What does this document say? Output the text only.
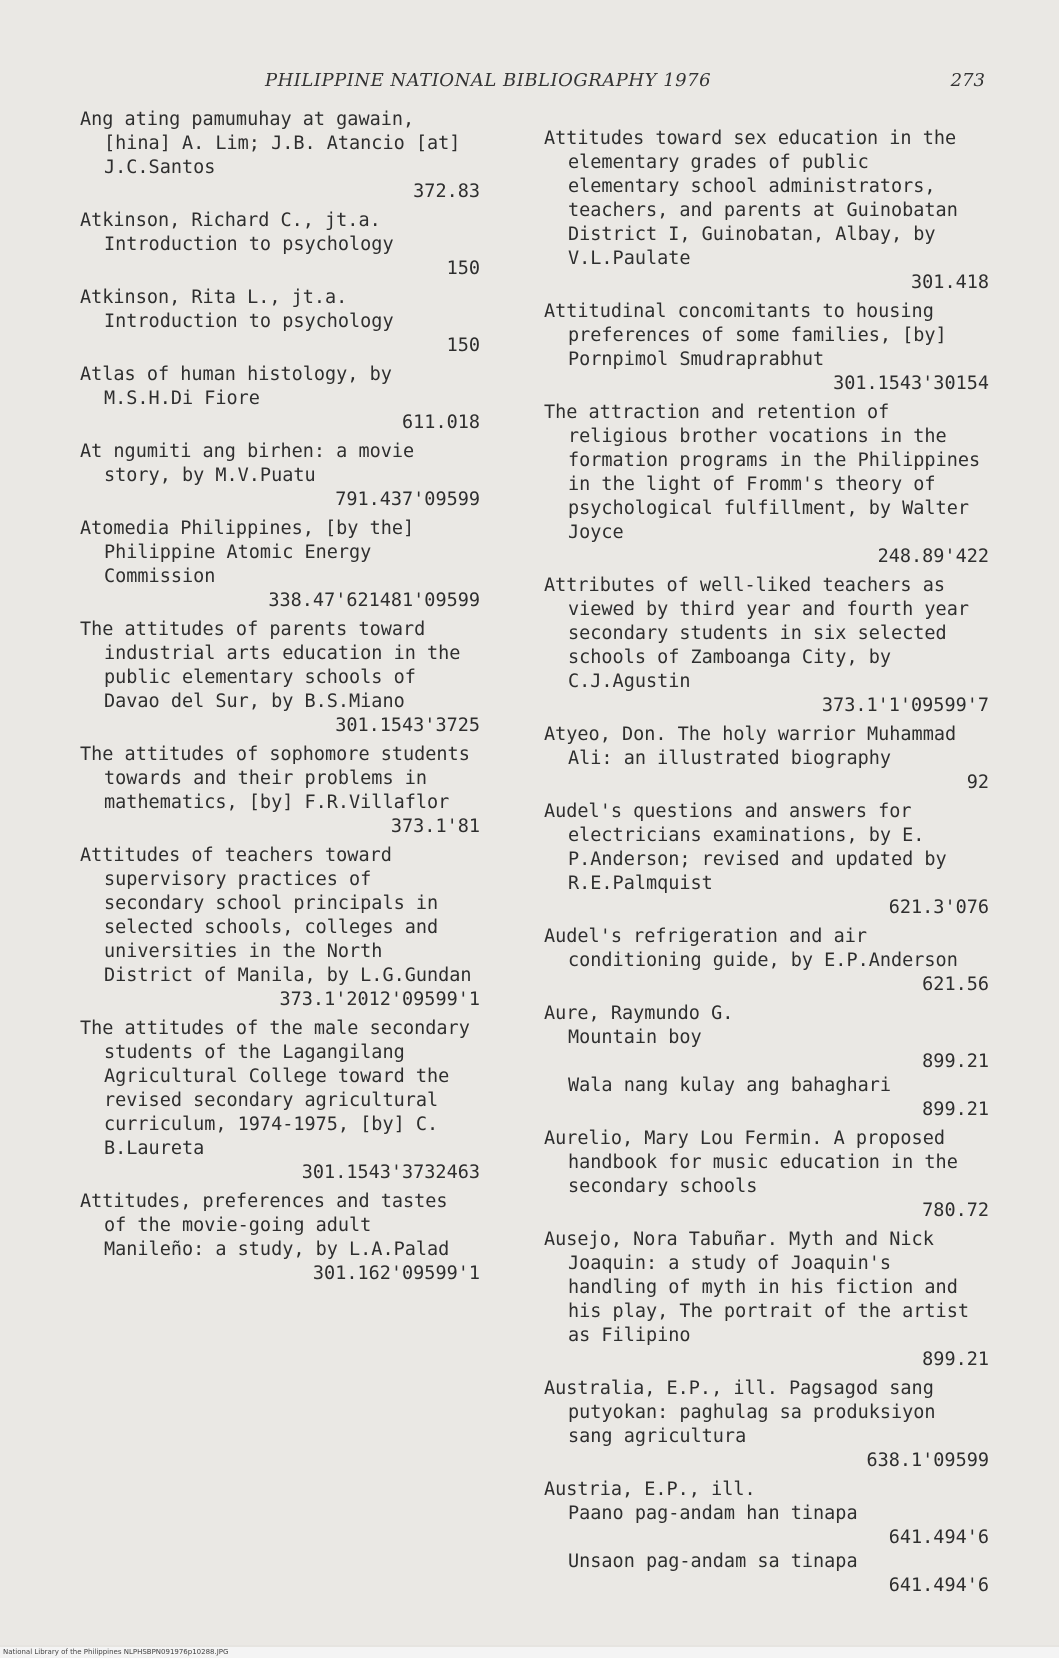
PHILIPPINE NATIONAL BIBLIOGRAPHY 1976	273
Ang ating pamumuhay at gawain, [hina] A. Lim; J.B. Atancio [at] J.C.Santos
372.83
Atkinson, Richard C., jt.a. Introduction to psychology
150
Atkinson, Rita L., jt.a. Introduction to psychology
150
Atlas of human histology, by M.S.H.Di Fiore
611.018
At ngumiti ang birhen: a movie story, by M.V.Puatu
791.437'09599
Atomedia Philippines, [by the] Philippine Atomic Energy Commission
338.47'621481'09599
The attitudes of parents toward industrial arts education in the public elementary schools of Davao del Sur, by B.S.Miano
301.1543'3725
The attitudes of sophomore students towards and their problems in mathematics, [by] F.R.Villaflor
373.1'81
Attitudes of teachers toward supervisory practices of secondary school principals in selected schools, colleges and universities in the North District of Manila, by L.G.Gundan
373.1'2012'09599'1
The attitudes of the male secondary students of the Lagangilang Agricultural College toward the revised secondary agricultural curriculum, 1974-1975, [by] C. B.Laureta
301.1543'3732463
Attitudes, preferences and tastes of the movie-going adult Manileño: a study, by L.A.Palad
301.162'09599'1
Attitudes toward sex education in the elementary grades of public elementary school administrators, teachers, and parents at Guinobatan District I, Guinobatan, Albay, by V.L.Paulate
301.418
Attitudinal concomitants to housing preferences of some families, [by] Pornpimol Smudraprabhut
301.1543'30154
The attraction and retention of religious brother vocations in the formation programs in the Philippines in the light of Fromm's theory of psychological fulfillment, by Walter Joyce
248.89'422
Attributes of well-liked teachers as viewed by third year and fourth year secondary students in six selected schools of Zamboanga City, by C.J.Agustin
373.1'1'09599'7
Atyeo, Don. The holy warrior Muhammad Ali: an illustrated biography
92
Audel's questions and answers for electricians examinations, by E. P.Anderson; revised and updated by R.E.Palmquist
621.3'076
Audel's refrigeration and air conditioning guide, by E.P.Anderson
621.56
Aure, Raymundo G.
Mountain boy
899.21
Wala nang kulay ang bahaghari
899.21
Aurelio, Mary Lou Fermin. A proposed handbook for music education in the secondary schools
780.72
Ausejo, Nora Tabuñar. Myth and Nick Joaquin: a study of Joaquin's handling of myth in his fiction and his play, The portrait of the artist as Filipino
899.21
Australia, E.P., ill. Pagsagod sang putyokan: paghulag sa produksiyon sang agricultura
638.1'09599
Austria, E.P., ill.
Paano pag-andam han tinapa
641.494'6
Unsaon pag-andam sa tinapa
641.494'6
National Library of the Philippines NLPHSBPN091976p10288.JPG
